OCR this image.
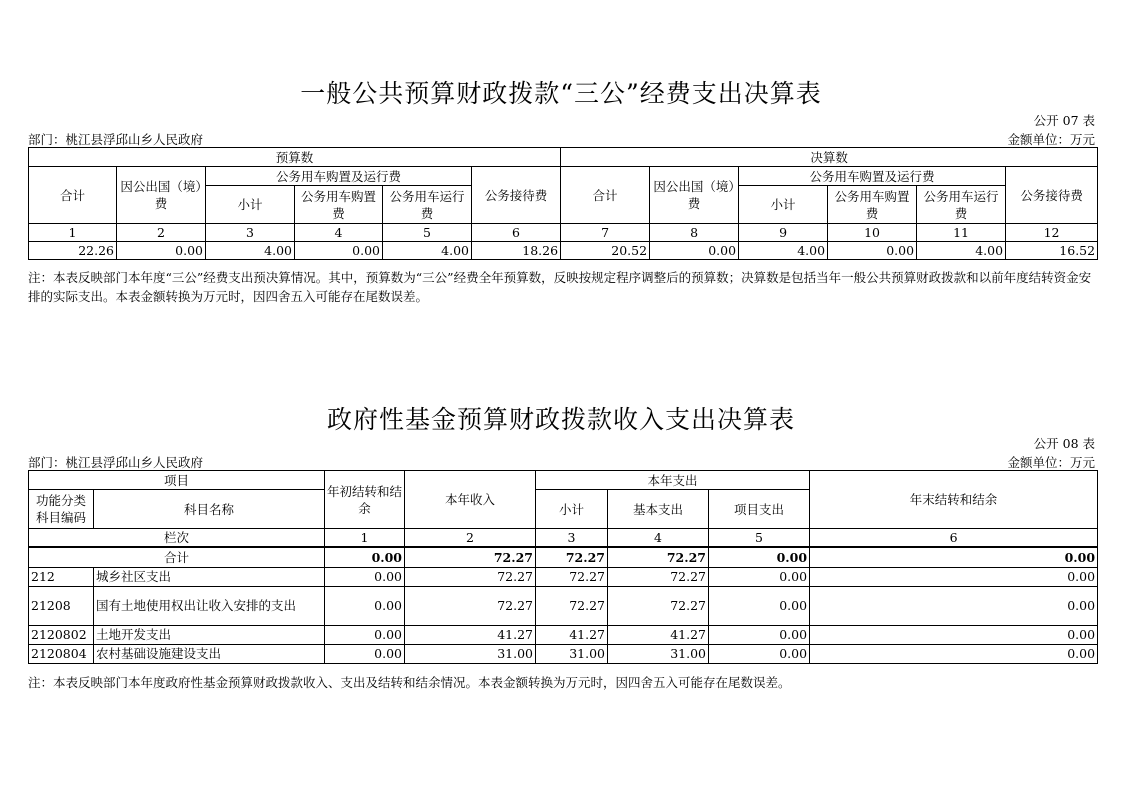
一般公共预算财政拨款“三公”经费支出决算表
公开 07 表
部门：桃江县浮邱山乡人民政府	金额单位：万元
预算数						决算数					
合计	因公出国（境）费	公务用车购置及运行费			公务接待费	合计	因公出国（境）费	公务用车购置及运行费			公务接待费
		小计	公务用车购置费	公务用车运行费				小计	公务用车购置费	公务用车运行费	
1	2	3	4	5	6	7	8	9	10	11	12
22.26	0.00	4.00	0.00	4.00	18.26	20.52	0.00	4.00	0.00	4.00	16.52
注：本表反映部门本年度“三公”经费支出预决算情况。其中，预算数为“三公”经费全年预算数，反映按规定程序调整后的预算数；决算数是包括当年一般公共预算财政拨款和以前年度结转资金安排的实际支出。本表金额转换为万元时，因四舍五入可能存在尾数误差。
政府性基金预算财政拨款收入支出决算表
公开 08 表
部门：桃江县浮邱山乡人民政府	金额单位：万元
项目		年初结转和结余	本年收入	本年支出			年末结转和结余
功能分类科目编码	科目名称			小计	基本支出	项目支出	
栏次		1	2	3	4	5	6
合计		0.00	72.27	72.27	72.27	0.00	0.00
212	城乡社区支出	0.00	72.27	72.27	72.27	0.00	0.00
21208	国有土地使用权出让收入安排的支出	0.00	72.27	72.27	72.27	0.00	0.00
2120802	土地开发支出	0.00	41.27	41.27	41.27	0.00	0.00
2120804	农村基础设施建设支出	0.00	31.00	31.00	31.00	0.00	0.00
注：本表反映部门本年度政府性基金预算财政拨款收入、支出及结转和结余情况。本表金额转换为万元时，因四舍五入可能存在尾数误差。
